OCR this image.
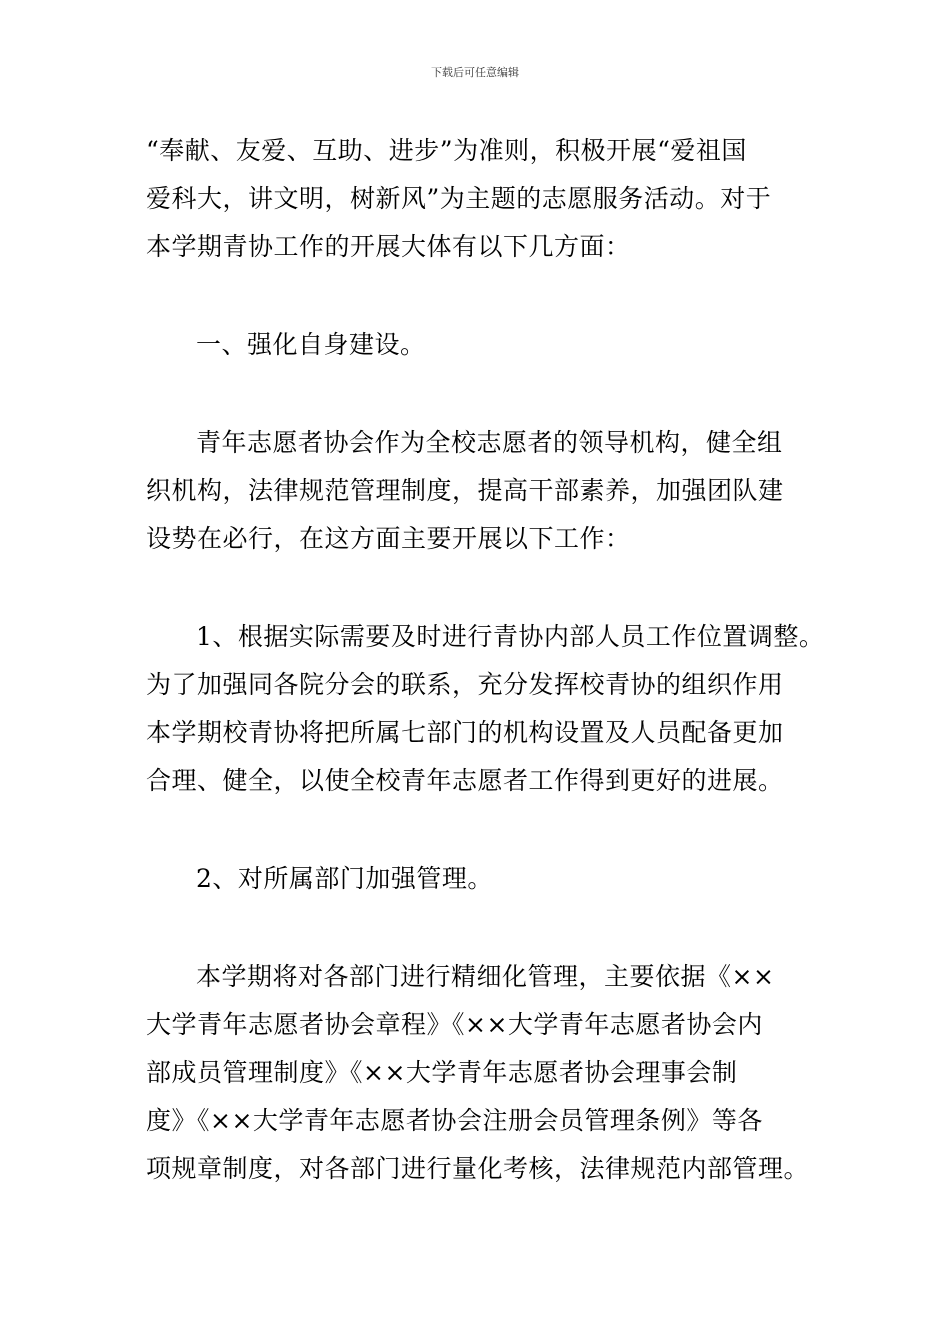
下载后可任意编辑
“奉献、友爱、互助、进步”为准则，积极开展“爱祖国
爱科大，讲文明，树新风”为主题的志愿服务活动。对于
本学期青协工作的开展大体有以下几方面：
一、强化自身建设。
青年志愿者协会作为全校志愿者的领导机构，健全组
织机构，法律规范管理制度，提高干部素养，加强团队建
设势在必行，在这方面主要开展以下工作：
1、根据实际需要及时进行青协内部人员工作位置调整。
为了加强同各院分会的联系，充分发挥校青协的组织作用
本学期校青协将把所属七部门的机构设置及人员配备更加
合理、健全，以使全校青年志愿者工作得到更好的进展。
2、对所属部门加强管理。
本学期将对各部门进行精细化管理，主要依据《××
大学青年志愿者协会章程》《××大学青年志愿者协会内
部成员管理制度》《××大学青年志愿者协会理事会制
度》《××大学青年志愿者协会注册会员管理条例》等各
项规章制度，对各部门进行量化考核，法律规范内部管理。
